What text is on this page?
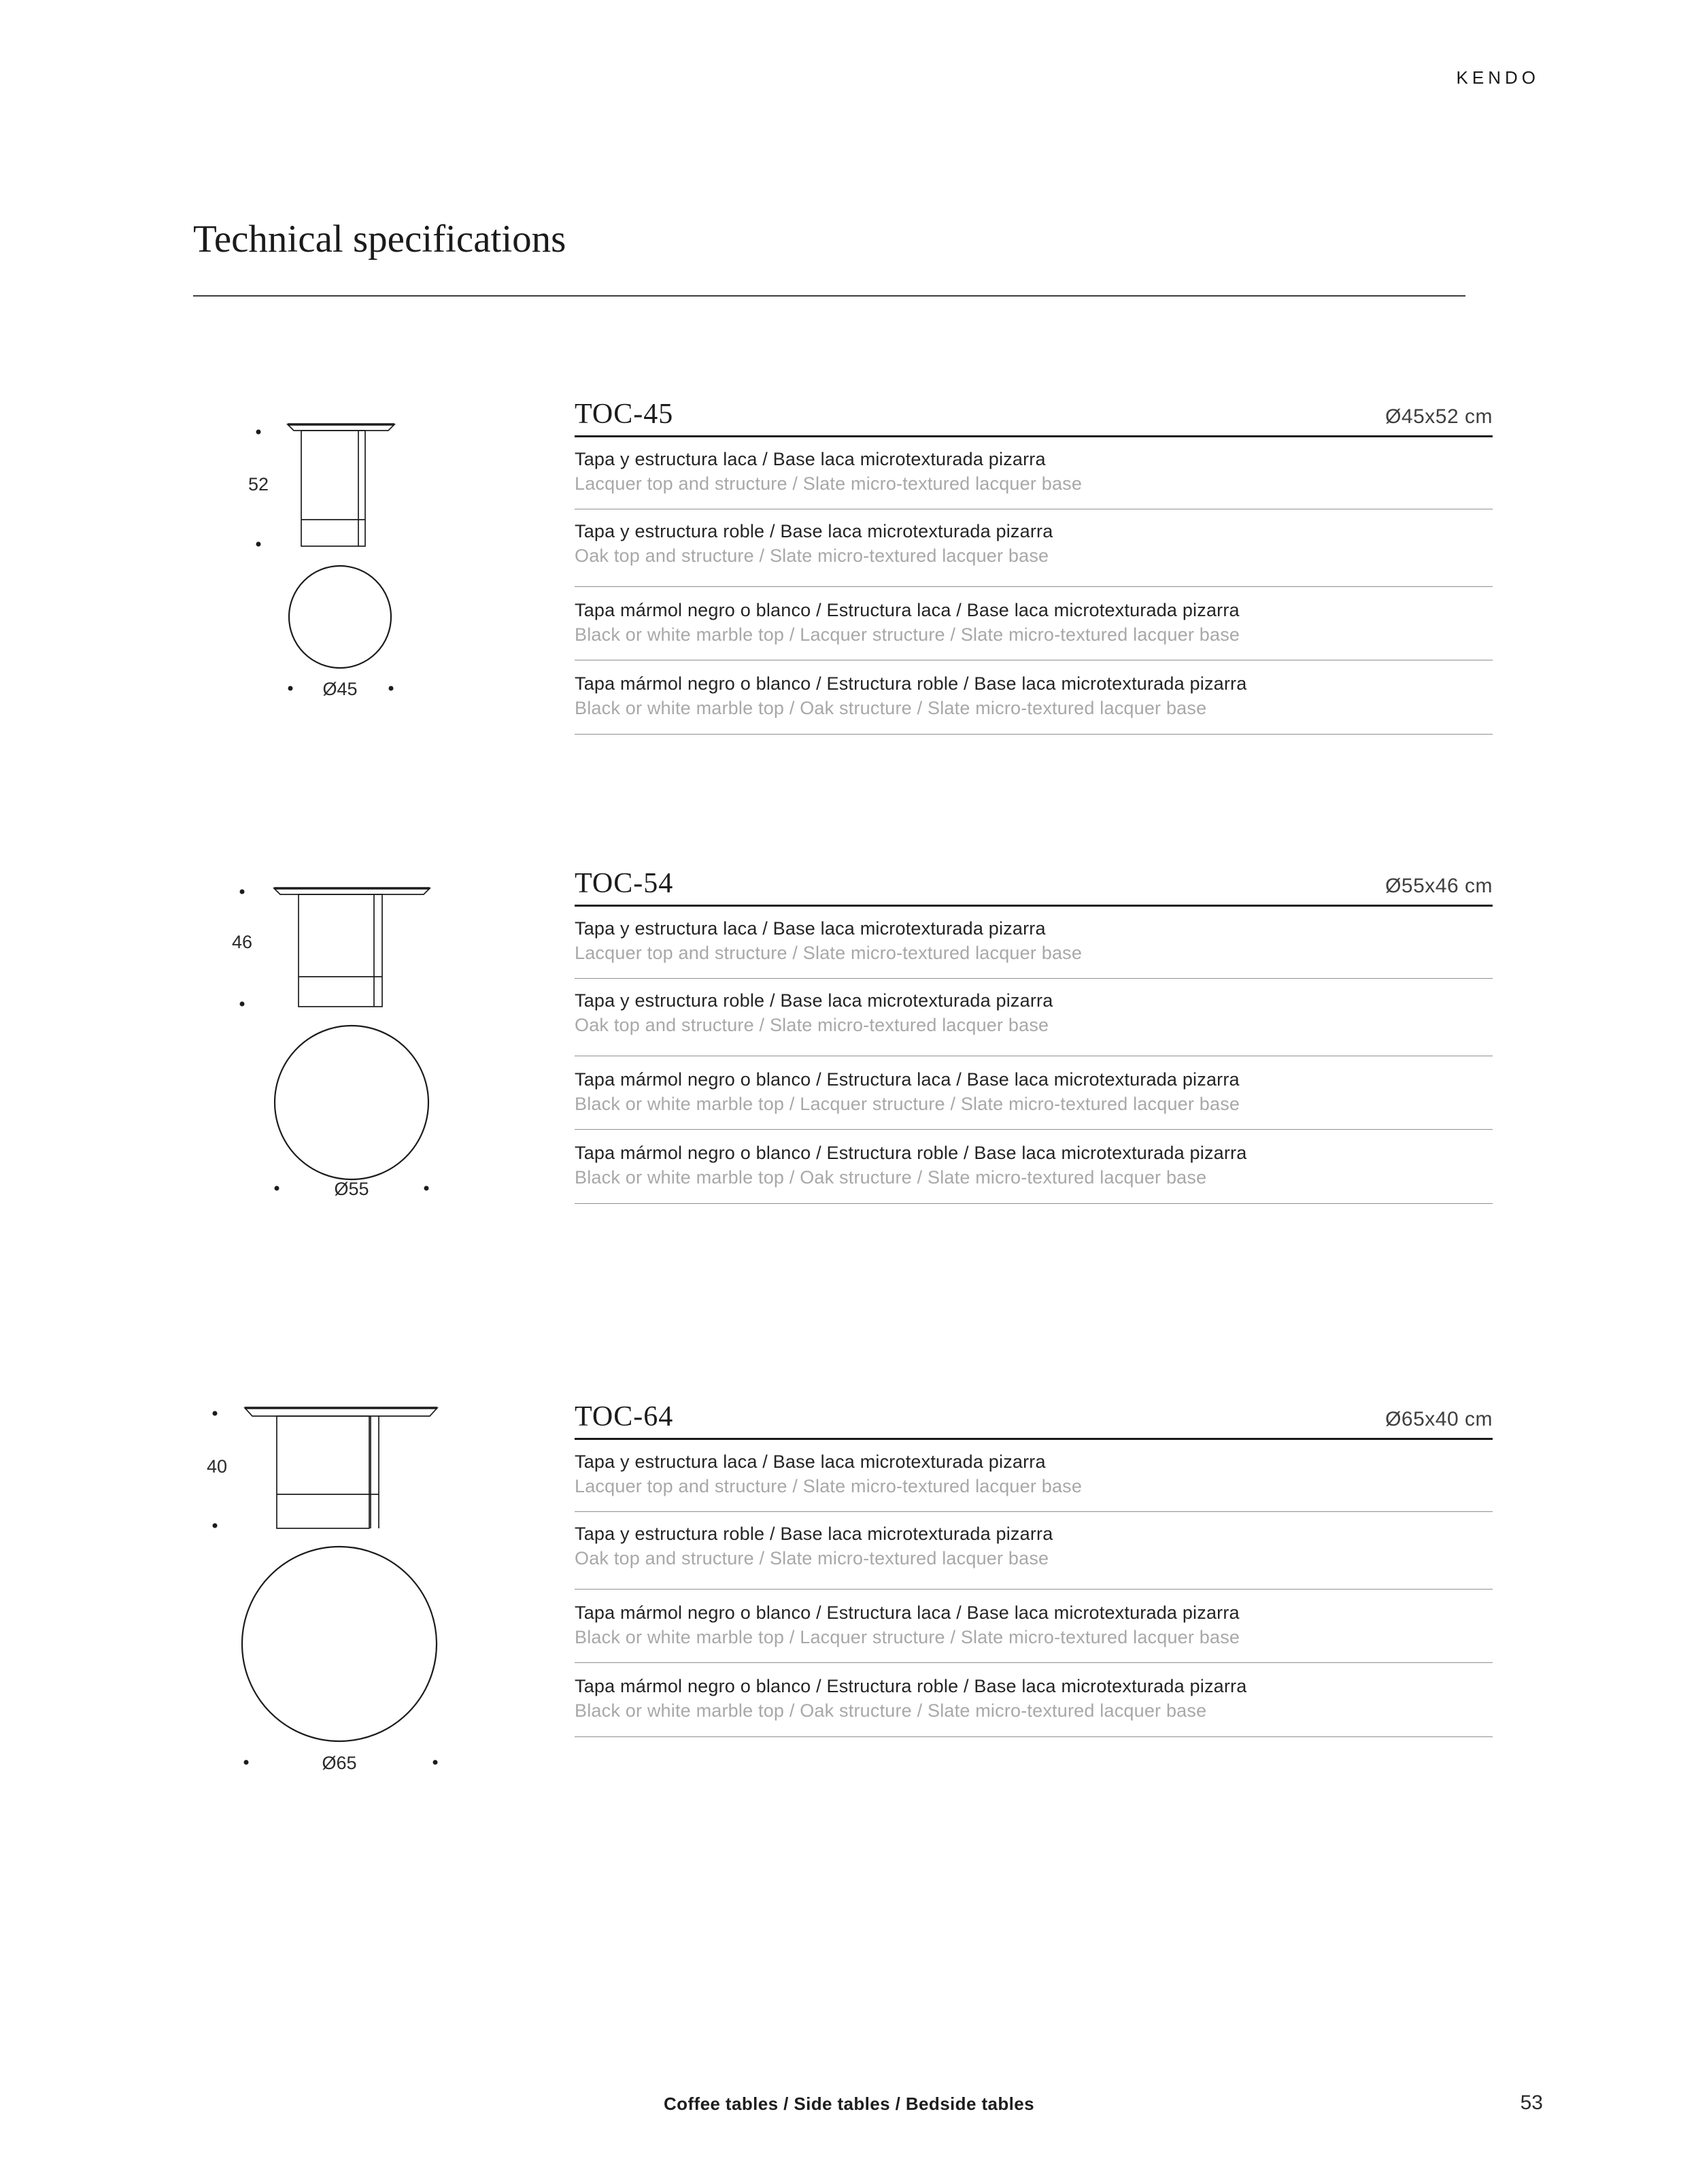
KENDO
Technical specifications
52
Ø45
TOC-45	Ø45x52 cm
Tapa y estructura laca / Base laca microtexturada pizarra
Lacquer top and structure / Slate micro-textured lacquer base
Tapa y estructura roble / Base laca microtexturada pizarra
Oak top and structure / Slate micro-textured lacquer base
Tapa mármol negro o blanco / Estructura laca / Base laca microtexturada pizarra
Black or white marble top / Lacquer structure / Slate micro-textured lacquer base
Tapa mármol negro o blanco / Estructura roble / Base laca microtexturada pizarra
Black or white marble top / Oak structure / Slate micro-textured lacquer base
46
Ø55
TOC-54	Ø55x46 cm
Tapa y estructura laca / Base laca microtexturada pizarra
Lacquer top and structure / Slate micro-textured lacquer base
Tapa y estructura roble / Base laca microtexturada pizarra
Oak top and structure / Slate micro-textured lacquer base
Tapa mármol negro o blanco / Estructura laca / Base laca microtexturada pizarra
Black or white marble top / Lacquer structure / Slate micro-textured lacquer base
Tapa mármol negro o blanco / Estructura roble / Base laca microtexturada pizarra
Black or white marble top / Oak structure / Slate micro-textured lacquer base
40
Ø65
TOC-64	Ø65x40 cm
Tapa y estructura laca / Base laca microtexturada pizarra
Lacquer top and structure / Slate micro-textured lacquer base
Tapa y estructura roble / Base laca microtexturada pizarra
Oak top and structure / Slate micro-textured lacquer base
Tapa mármol negro o blanco / Estructura laca / Base laca microtexturada pizarra
Black or white marble top / Lacquer structure / Slate micro-textured lacquer base
Tapa mármol negro o blanco / Estructura roble / Base laca microtexturada pizarra
Black or white marble top / Oak structure / Slate micro-textured lacquer base
Coffee tables / Side tables / Bedside tables	53
